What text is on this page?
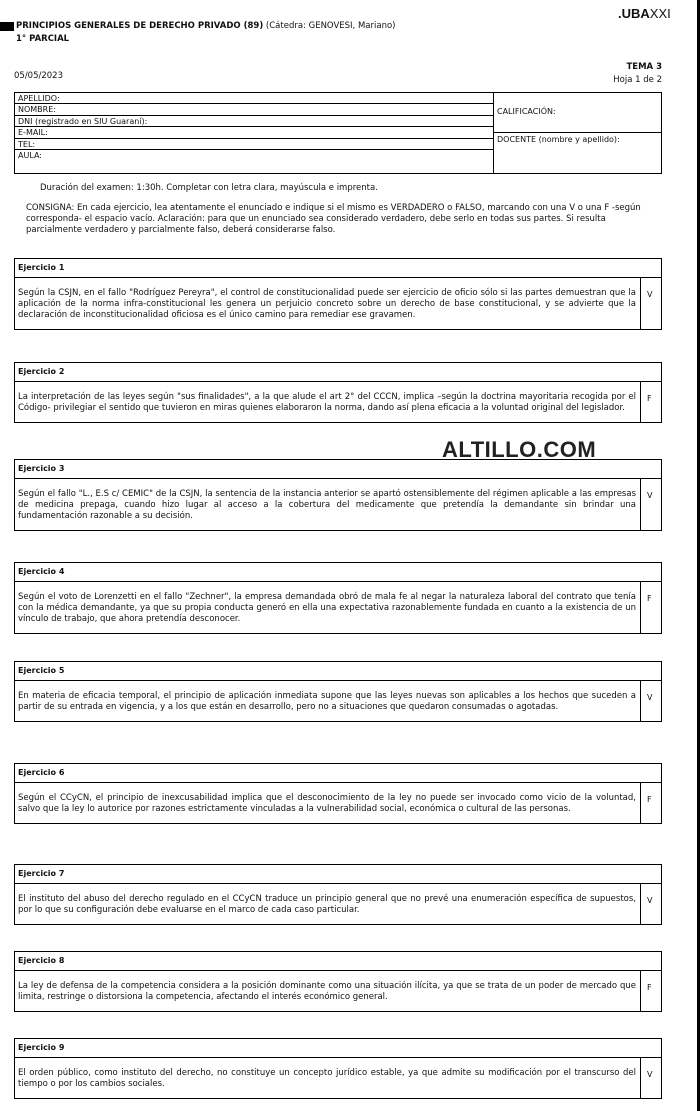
.UBAXXI
PRINCIPIOS GENERALES DE DERECHO PRIVADO (89) (Cátedra: GENOVESI, Mariano)
1° PARCIAL
05/05/2023
TEMA 3
Hoja 1 de 2
APELLIDO:
NOMBRE:
DNI (registrado en SIU Guaraní):
E-MAIL:
TEL:
AULA:
CALIFICACIÓN:
DOCENTE (nombre y apellido):
Duración del examen: 1:30h. Completar con letra clara, mayúscula e imprenta.
CONSIGNA: En cada ejercicio, lea atentamente el enunciado e indique si el mismo es VERDADERO o FALSO, marcando con una V o una F -según corresponda- el espacio vacío. Aclaración: para que un enunciado sea considerado verdadero, debe serlo en todas sus partes. Si resulta parcialmente verdadero y parcialmente falso, deberá considerarse falso.
ALTILLO.COM
Ejercicio 1
Según la CSJN, en el fallo "Rodríguez Pereyra", el control de constitucionalidad puede ser ejercicio de oficio sólo si las partes demuestran que la aplicación de la norma infra-constitucional les genera un perjuicio concreto sobre un derecho de base constitucional, y se advierte que la declaración de inconstitucionalidad oficiosa es el único camino para remediar ese gravamen.
V
Ejercicio 2
La interpretación de las leyes según "sus finalidades", a la que alude el art 2° del CCCN, implica –según la doctrina mayoritaria recogida por el Código- privilegiar el sentido que tuvieron en miras quienes elaboraron la norma, dando así plena eficacia a la voluntad original del legislador.
F
Ejercicio 3
Según el fallo "L., E.S c/ CEMIC" de la CSJN, la sentencia de la instancia anterior se apartó ostensiblemente del régimen aplicable a las empresas de medicina prepaga, cuando hizo lugar al acceso a la cobertura del medicamente que pretendía la demandante sin brindar una fundamentación razonable a su decisión.
V
Ejercicio 4
Según el voto de Lorenzetti en el fallo "Zechner", la empresa demandada obró de mala fe al negar la naturaleza laboral del contrato que tenía con la médica demandante, ya que su propia conducta generó en ella una expectativa razonablemente fundada en cuanto a la existencia de un vínculo de trabajo, que ahora pretendía desconocer.
F
Ejercicio 5
En materia de eficacia temporal, el principio de aplicación inmediata supone que las leyes nuevas son aplicables a los hechos que suceden a partir de su entrada en vigencia, y a los que están en desarrollo, pero no a situaciones que quedaron consumadas o agotadas.
V
Ejercicio 6
Según el CCyCN, el principio de inexcusabilidad implica que el desconocimiento de la ley no puede ser invocado como vicio de la voluntad, salvo que la ley lo autorice por razones estrictamente vinculadas a la vulnerabilidad social, económica o cultural de las personas.
F
Ejercicio 7
El instituto del abuso del derecho regulado en el CCyCN traduce un principio general que no prevé una enumeración específica de supuestos, por lo que su configuración debe evaluarse en el marco de cada caso particular.
V
Ejercicio 8
La ley de defensa de la competencia considera a la posición dominante como una situación ilícita, ya que se trata de un poder de mercado que limita, restringe o distorsiona la competencia, afectando el interés económico general.
F
Ejercicio 9
El orden público, como instituto del derecho, no constituye un concepto jurídico estable, ya que admite su modificación por el transcurso del tiempo o por los cambios sociales.
V
